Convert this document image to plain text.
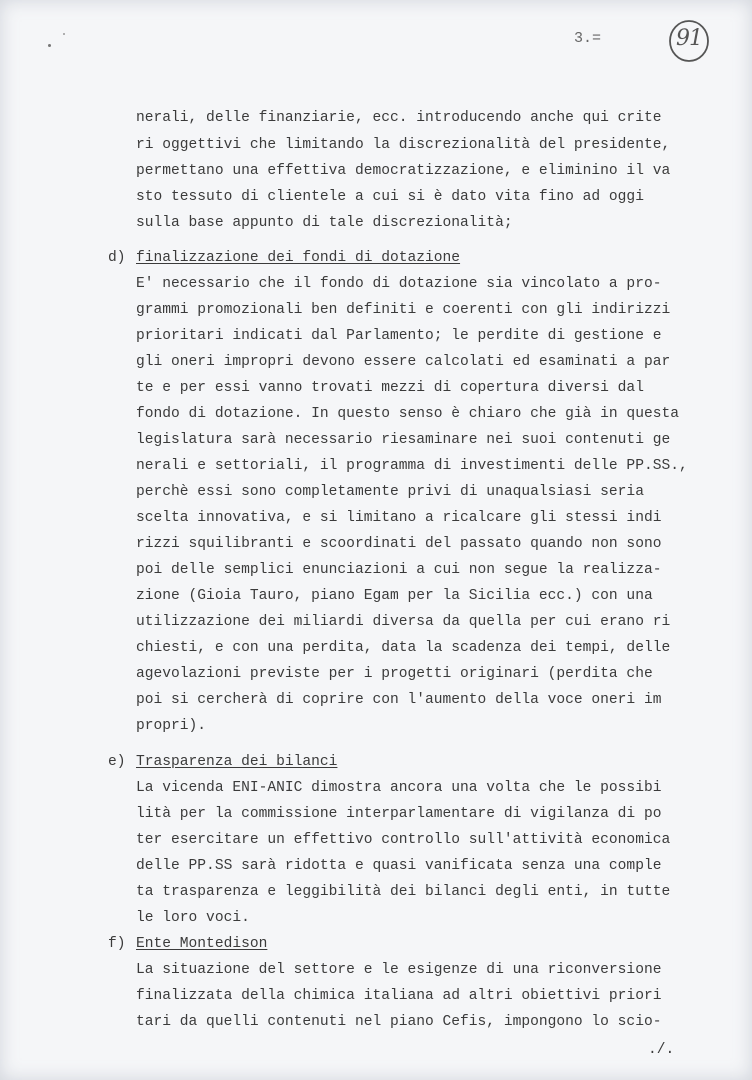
3.=	91
nerali, delle finanziarie, ecc. introducendo anche qui crite
ri oggettivi che limitando la discrezionalità del presidente,
permettano una effettiva democratizzazione, e eliminino il va
sto tessuto di clientele a cui si è dato vita fino ad oggi
sulla base appunto di tale discrezionalità;
d) finalizzazione dei fondi di dotazione
E' necessario che il fondo di dotazione sia vincolato a pro-
grammi promozionali ben definiti e coerenti con gli indirizzi
prioritari indicati dal Parlamento; le perdite di gestione e
gli oneri impropri devono essere calcolati ed esaminati a par
te e per essi vanno trovati mezzi di copertura diversi dal
fondo di dotazione. In questo senso è chiaro che già in questa
legislatura sarà necessario riesaminare nei suoi contenuti ge
nerali e settoriali, il programma di investimenti delle PP.SS.,
perchè essi sono completamente privi di unaqualsiasi seria
scelta innovativa, e si limitano a ricalcare gli stessi indi
rizzi squilibranti e scoordinati del passato quando non sono
poi delle semplici enunciazioni a cui non segue la realizza-
zione (Gioia Tauro, piano Egam per la Sicilia ecc.) con una
utilizzazione dei miliardi diversa da quella per cui erano ri
chiesti, e con una perdita, data la scadenza dei tempi, delle
agevolazioni previste per i progetti originari (perdita che
poi si cercherà di coprire con l'aumento della voce oneri im
propri).
e) Trasparenza dei bilanci
La vicenda ENI-ANIC dimostra ancora una volta che le possibi
lità per la commissione interparlamentare di vigilanza di po
ter esercitare un effettivo controllo sull'attività economica
delle PP.SS sarà ridotta e quasi vanificata senza una comple
ta trasparenza e leggibilità dei bilanci degli enti, in tutte
le loro voci.
f) Ente Montedison
La situazione del settore e le esigenze di una riconversione
finalizzata della chimica italiana ad altri obiettivi priori
tari da quelli contenuti nel piano Cefis, impongono lo scio-
./.
